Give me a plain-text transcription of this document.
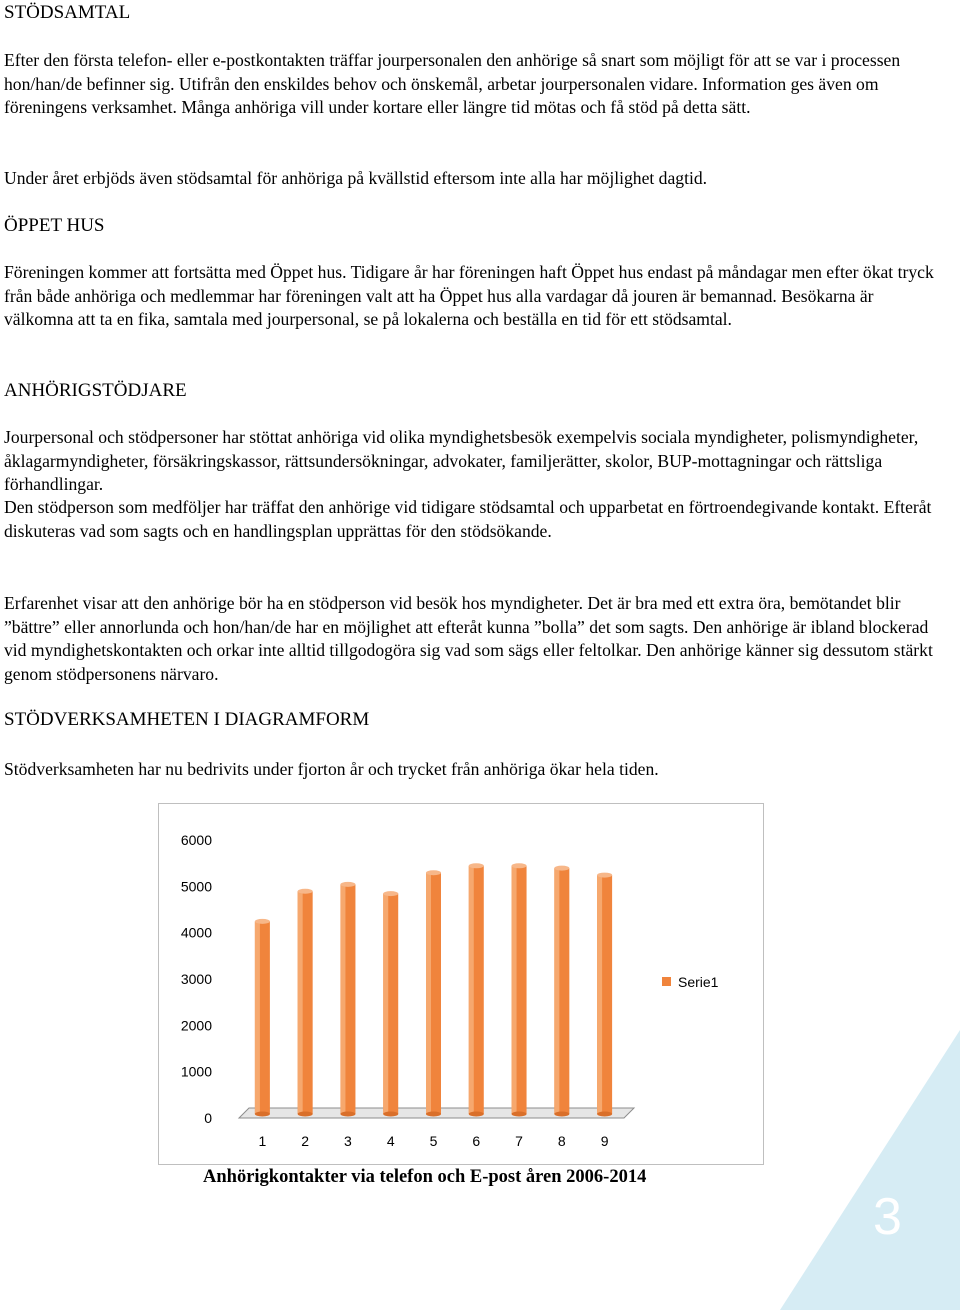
STÖDSAMTAL

Efter den första telefon- eller e-postkontakten träffar jourpersonalen den anhörige så snart som möjligt för att se var i processen hon/han/de befinner sig. Utifrån den enskildes behov och önskemål, arbetar jourpersonalen vidare. Information ges även om föreningens verksamhet. Många anhöriga vill under kortare eller längre tid mötas och få stöd på detta sätt.

Under året erbjöds även stödsamtal för anhöriga på kvällstid eftersom inte alla har möjlighet dagtid.

ÖPPET HUS

Föreningen kommer att fortsätta med Öppet hus. Tidigare år har föreningen haft Öppet hus endast på måndagar men efter ökat tryck från både anhöriga och medlemmar har föreningen valt att ha Öppet hus alla vardagar då jouren är bemannad. Besökarna är välkomna att ta en fika, samtala med jourpersonal, se på lokalerna och beställa en tid för ett stödsamtal.

ANHÖRIGSTÖDJARE

Jourpersonal och stödpersoner har stöttat anhöriga vid olika myndighetsbesök exempelvis sociala myndigheter, polismyndigheter, åklagarmyndigheter, försäkringskassor, rättsundersökningar, advokater, familjerätter, skolor, BUP-mottagningar och rättsliga förhandlingar.

Den stödperson som medföljer har träffat den anhörige vid tidigare stödsamtal och upparbetat en förtroendegivande kontakt. Efteråt diskuteras vad som sagts och en handlingsplan upprättas för den stödsökande.

Erfarenhet visar att den anhörige bör ha en stödperson vid besök hos myndigheter. Det är bra med ett extra öra, bemötandet blir ”bättre” eller annorlunda och hon/han/de har en möjlighet att efteråt kunna ”bolla” det som sagts. Den anhörige är ibland blockerad vid myndighetskontakten och orkar inte alltid tillgodogöra sig vad som sägs eller feltolkar. Den anhörige känner sig dessutom stärkt genom stödpersonens närvaro.

STÖDVERKSAMHETEN I DIAGRAMFORM

Stödverksamheten har nu bedrivits under fjorton år och trycket från anhöriga ökar hela tiden.

0
1000
2000
3000
4000
5000
6000
1 2 3 4 5 6 7 8 9
Serie1

Anhörigkontakter via telefon och E-post åren 2006-2014

3
